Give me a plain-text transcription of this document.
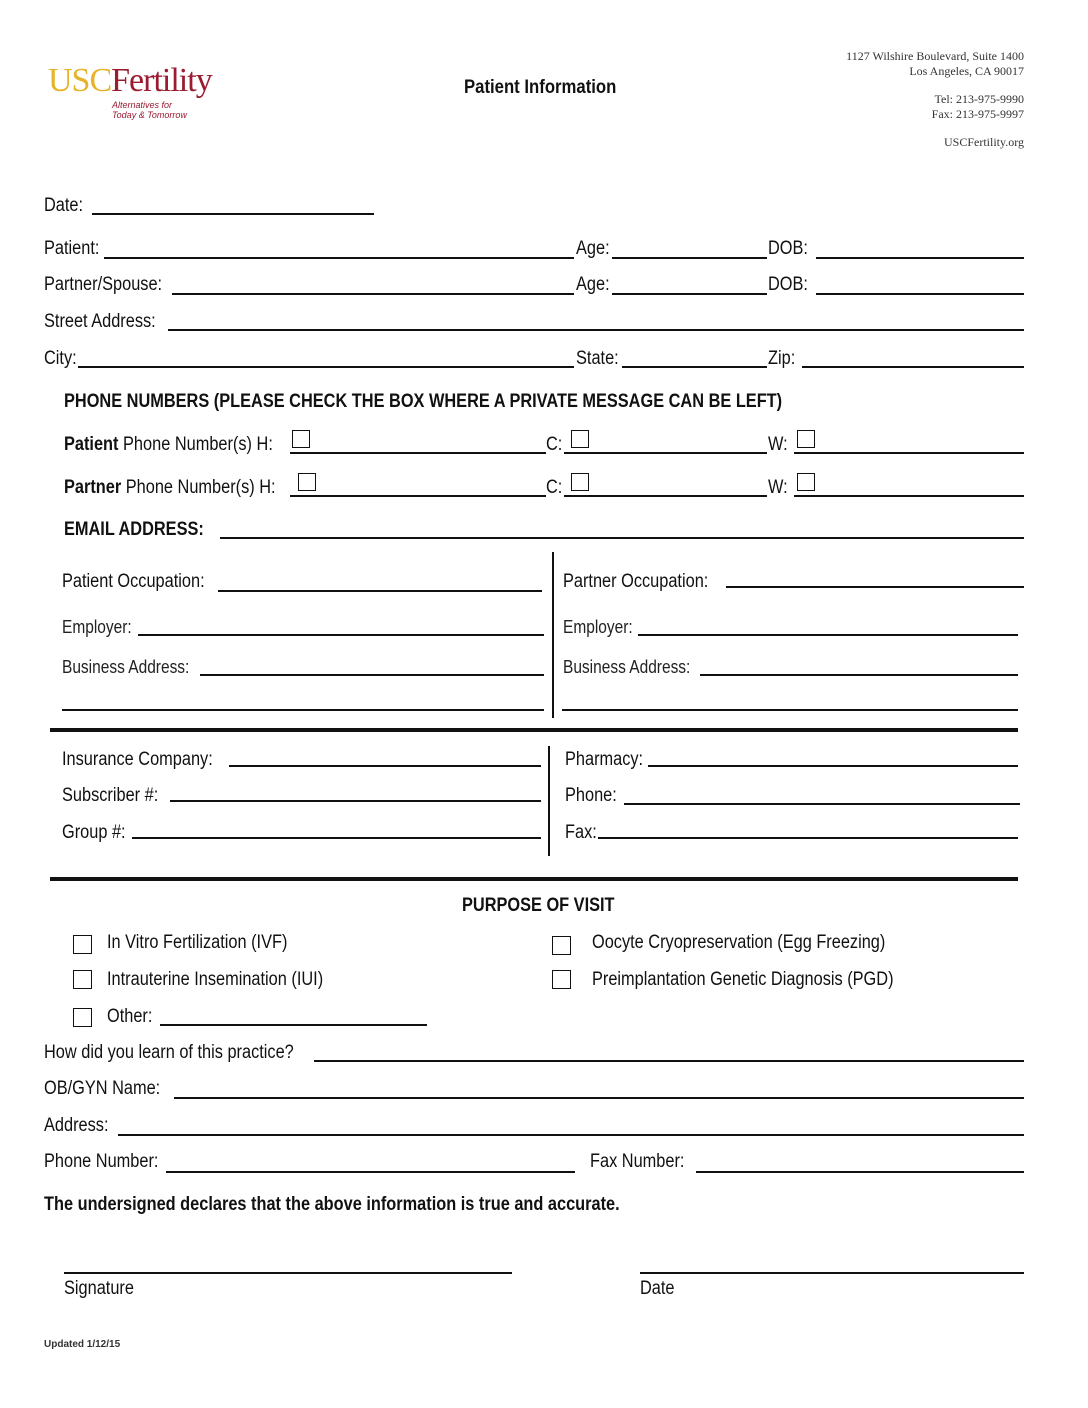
USCFertility
Alternatives for
Today & Tomorrow
Patient Information
1127 Wilshire Boulevard, Suite 1400
Los Angeles, CA 90017
Tel: 213-975-9990
Fax: 213-975-9997
USCFertility.org
Date:
Patient:	Age:	DOB:
Partner/Spouse:	Age:	DOB:
Street Address:
City:	State:	Zip:
PHONE NUMBERS (PLEASE CHECK THE BOX WHERE A PRIVATE MESSAGE CAN BE LEFT)
Patient Phone Number(s) H:	C:	W:
Partner Phone Number(s) H:	C:	W:
EMAIL ADDRESS:
Patient Occupation:
Employer:
Business Address:
Partner Occupation:
Employer:
Business Address:
Insurance Company:
Subscriber #:
Group #:
Pharmacy:
Phone:
Fax:
PURPOSE OF VISIT
In Vitro Fertilization (IVF)
Intrauterine Insemination (IUI)
Other:
Oocyte Cryopreservation (Egg Freezing)
Preimplantation Genetic Diagnosis (PGD)
How did you learn of this practice?
OB/GYN Name:
Address:
Phone Number:	Fax Number:
The undersigned declares that the above information is true and accurate.
Signature	Date
Updated 1/12/15
